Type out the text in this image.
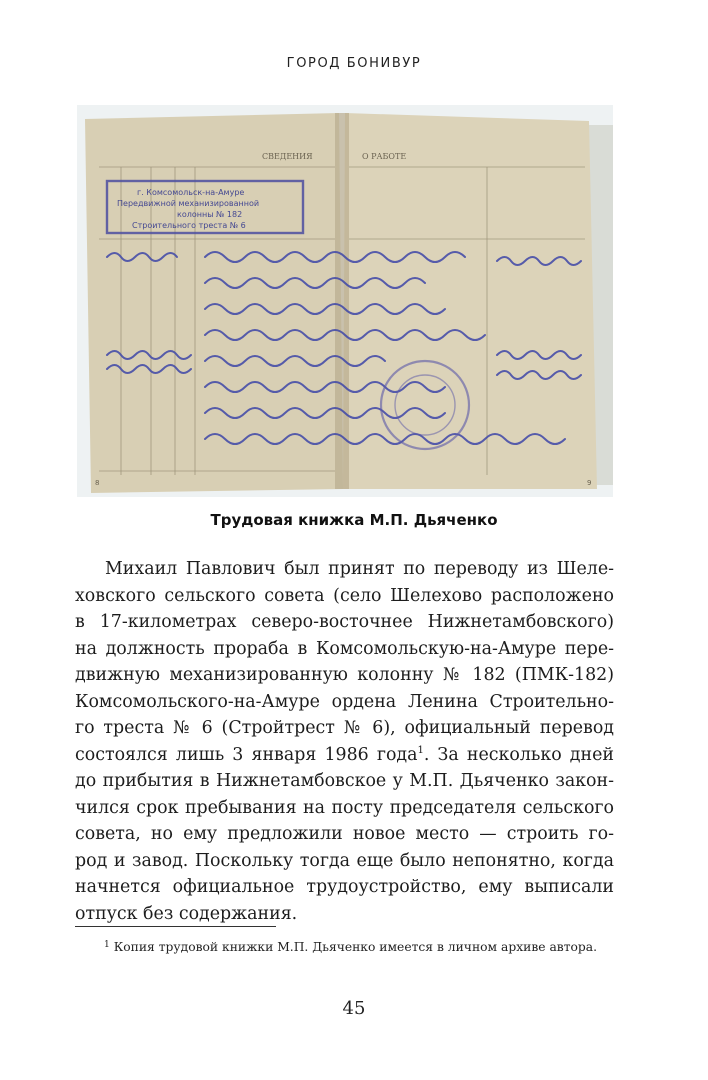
ГОРОД БОНИВУР
СВЕДЕНИЯ	О РАБОТЕ
г. Комсомольск-на-Амуре
Передвижной механизированной
колонны № 182
Строительного треста № 6
8	9
Трудовая книжка М.П. Дьяченко
Михаил Павлович был принят по переводу из Шеле-
ховского сельского совета (село Шелехово расположено
в 17-километрах северо-восточнее Нижнетамбовского)
на должность прораба в Комсомольскую-на-Амуре пере-
движную механизированную колонну № 182 (ПМК-182)
Комсомольского-на-Амуре ордена Ленина Строительно-
го треста № 6 (Стройтрест № 6), официальный перевод
состоялся лишь 3 января 1986 года$^1$. За несколько дней
до прибытия в Нижнетамбовское у М.П. Дьяченко закон-
чился срок пребывания на посту председателя сельского
совета, но ему предложили новое место — строить го-
род и завод. Поскольку тогда еще было непонятно, когда
начнется официальное трудоустройство, ему выписали
отпуск без содержания.
$^1$ Копия трудовой книжки М.П. Дьяченко имеется в личном архиве автора.
45
